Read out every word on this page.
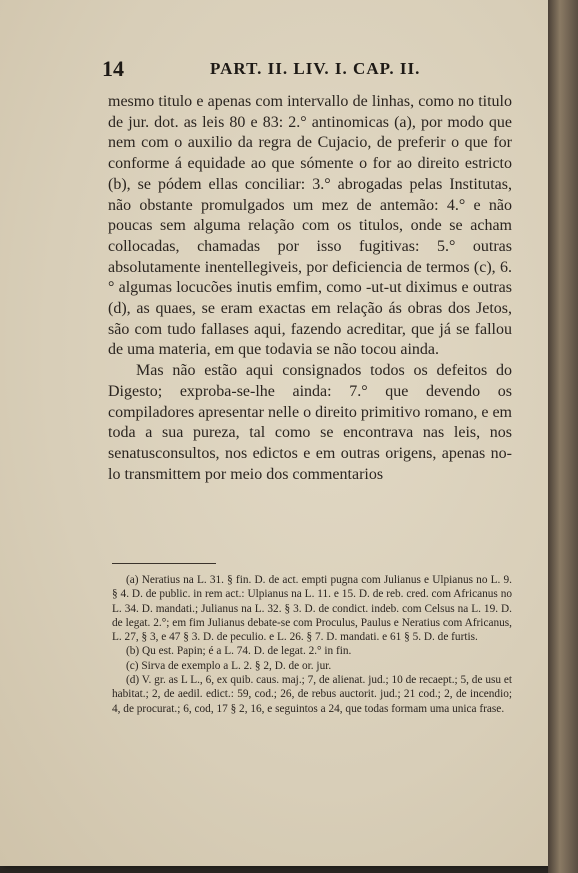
14	PART. II. LIV. I. CAP. II.

mesmo titulo e apenas com intervallo de linhas, como no titulo de jur. dot. as leis 80 e 83: 2.° antinomicas (a), por modo que nem com o auxilio da regra de Cujacio, de preferir o que for conforme á equidade ao que sómente o for ao direito estricto (b), se pódem ellas conciliar: 3.° abrogadas pelas Institutas, não obstante promulgados um mez de antemão: 4.° e não poucas sem alguma relação com os titulos, onde se acham collocadas, chamadas por isso fugitivas: 5.° outras absolutamente inentellegiveis, por deficiencia de termos (c), 6.° algumas locucões inutis emfim, como -ut-ut diximus e outras (d), as quaes, se eram exactas em relação ás obras dos Jetos, são com tudo fallases aqui, fazendo acreditar, que já se fallou de uma materia, em que todavia se não tocou ainda.

Mas não estão aqui consignados todos os defeitos do Digesto; exproba-se-lhe ainda: 7.° que devendo os compiladores apresentar nelle o direito primitivo romano, e em toda a sua pureza, tal como se encontrava nas leis, nos senatusconsultos, nos edictos e em outras origens, apenas no-lo transmittem por meio dos commentarios

(a) Neratius na L. 31. § fin. D. de act. empti pugna com Julianus e Ulpianus no L. 9. § 4. D. de public. in rem act.: Ulpianus na L. 11. e 15. D. de reb. cred. com Africanus no L. 34. D. mandati.; Julianus na L. 32. § 3. D. de condict. indeb. com Celsus na L. 19. D. de legat. 2.°; em fim Julianus debate-se com Proculus, Paulus e Neratius com Africanus, L. 27, § 3, e 47 § 3. D. de peculio. e L. 26. § 7. D. mandati. e 61 § 5. D. de furtis.

(b) Qu est. Papin; é a L. 74. D. de legat. 2.° in fin.

(c) Sirva de exemplo a L. 2. § 2, D. de or. jur.

(d) V. gr. as L L., 6, ex quib. caus. maj.; 7, de alienat. jud.; 10 de recaept.; 5, de usu et habitat.; 2, de aedil. edict.: 59, cod.; 26, de rebus auctorit. jud.; 21 cod.; 2, de incendio; 4, de procurat.; 6, cod, 17 § 2, 16, e seguintos a 24, que todas formam uma unica frase.
